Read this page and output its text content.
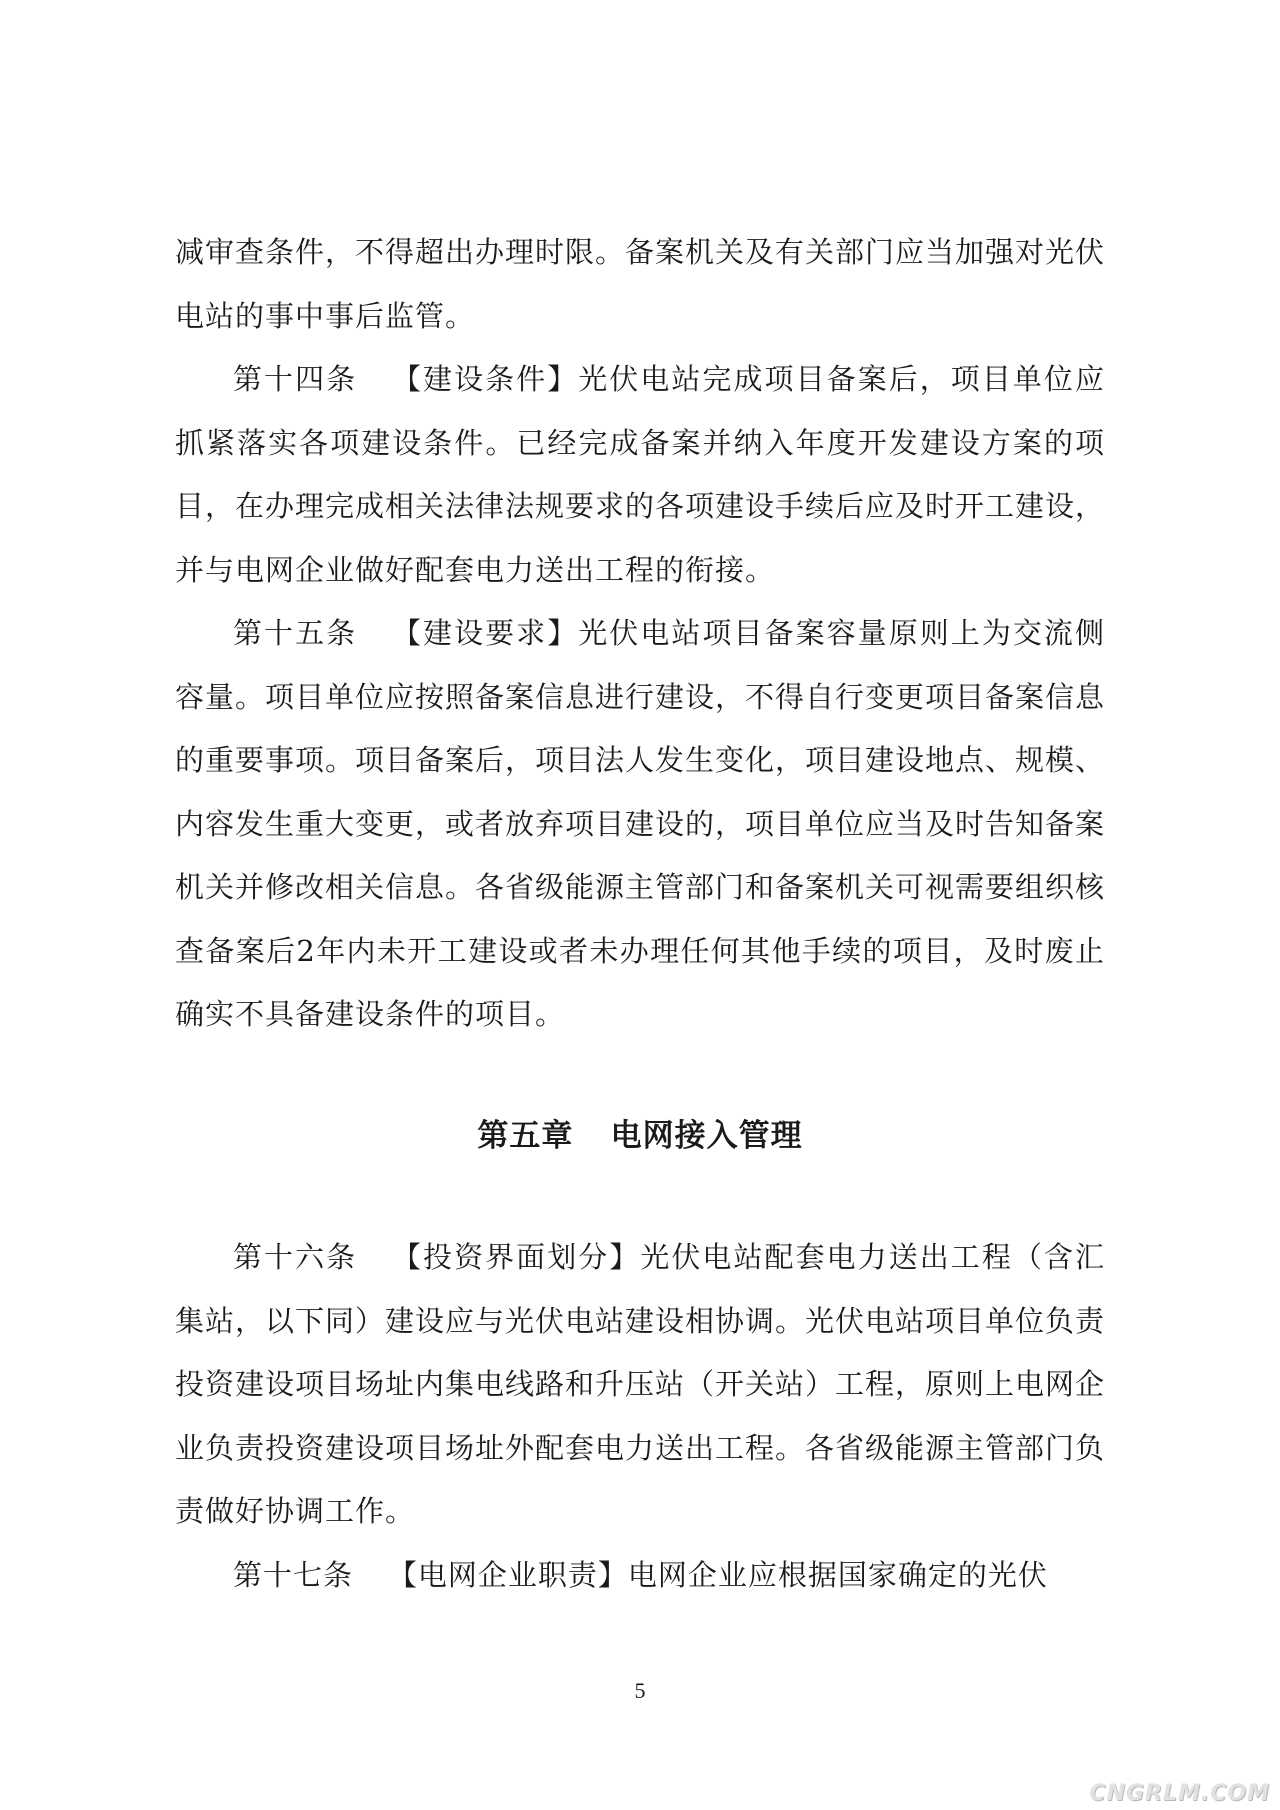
减审查条件，不得超出办理时限。备案机关及有关部门应当加强对光伏电站的事中事后监管。

第十四条 【建设条件】光伏电站完成项目备案后，项目单位应抓紧落实各项建设条件。已经完成备案并纳入年度开发建设方案的项目，在办理完成相关法律法规要求的各项建设手续后应及时开工建设，并与电网企业做好配套电力送出工程的衔接。

第十五条 【建设要求】光伏电站项目备案容量原则上为交流侧容量。项目单位应按照备案信息进行建设，不得自行变更项目备案信息的重要事项。项目备案后，项目法人发生变化，项目建设地点、规模、内容发生重大变更，或者放弃项目建设的，项目单位应当及时告知备案机关并修改相关信息。各省级能源主管部门和备案机关可视需要组织核查备案后2年内未开工建设或者未办理任何其他手续的项目，及时废止确实不具备建设条件的项目。

第五章 电网接入管理

第十六条 【投资界面划分】光伏电站配套电力送出工程（含汇集站，以下同）建设应与光伏电站建设相协调。光伏电站项目单位负责投资建设项目场址内集电线路和升压站（开关站）工程，原则上电网企业负责投资建设项目场址外配套电力送出工程。各省级能源主管部门负责做好协调工作。

第十七条 【电网企业职责】电网企业应根据国家确定的光伏

5

CNGRLM.COM
